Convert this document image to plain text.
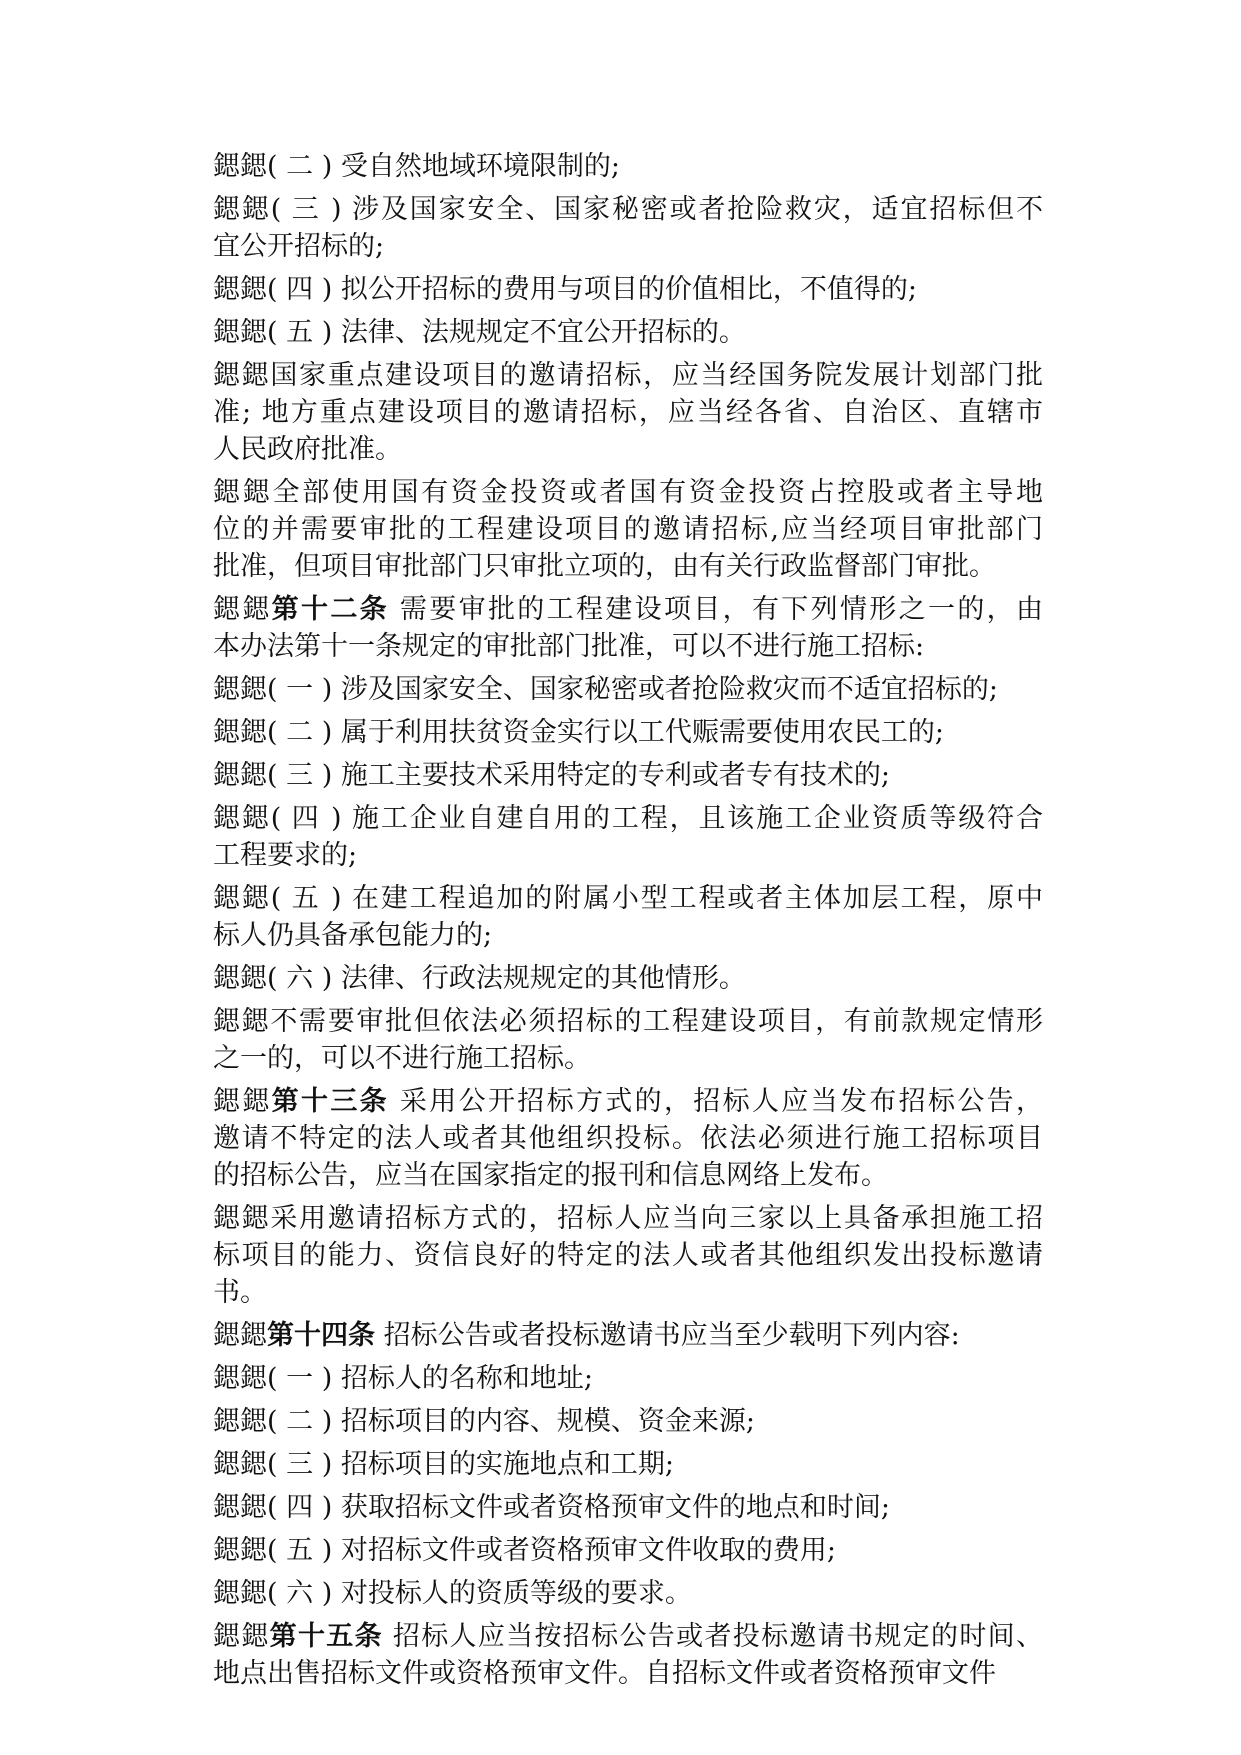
鍶鍶( 二 ) 受自然地域环境限制的;
鍶鍶( 三 ) 涉及国家安全、国家秘密或者抢险救灾，适宜招标但不
宜公开招标的;
鍶鍶( 四 ) 拟公开招标的费用与项目的价值相比，不值得的;
鍶鍶( 五 ) 法律、法规规定不宜公开招标的。
鍶鍶国家重点建设项目的邀请招标，应当经国务院发展计划部门批
准; 地方重点建设项目的邀请招标，应当经各省、自治区、直辖市
人民政府批准。
鍶鍶全部使用国有资金投资或者国有资金投资占控股或者主导地
位的并需要审批的工程建设项目的邀请招标,应当经项目审批部门
批准，但项目审批部门只审批立项的，由有关行政监督部门审批。
鍶鍶第十二条 需要审批的工程建设项目，有下列情形之一的，由
本办法第十一条规定的审批部门批准，可以不进行施工招标:
鍶鍶( 一 ) 涉及国家安全、国家秘密或者抢险救灾而不适宜招标的;
鍶鍶( 二 ) 属于利用扶贫资金实行以工代赈需要使用农民工的;
鍶鍶( 三 ) 施工主要技术采用特定的专利或者专有技术的;
鍶鍶( 四 ) 施工企业自建自用的工程，且该施工企业资质等级符合
工程要求的;
鍶鍶( 五 ) 在建工程追加的附属小型工程或者主体加层工程，原中
标人仍具备承包能力的;
鍶鍶( 六 ) 法律、行政法规规定的其他情形。
鍶鍶不需要审批但依法必须招标的工程建设项目，有前款规定情形
之一的，可以不进行施工招标。
鍶鍶第十三条 采用公开招标方式的，招标人应当发布招标公告，
邀请不特定的法人或者其他组织投标。依法必须进行施工招标项目
的招标公告，应当在国家指定的报刊和信息网络上发布。
鍶鍶采用邀请招标方式的，招标人应当向三家以上具备承担施工招
标项目的能力、资信良好的特定的法人或者其他组织发出投标邀请
书。
鍶鍶第十四条 招标公告或者投标邀请书应当至少载明下列内容:
鍶鍶( 一 ) 招标人的名称和地址;
鍶鍶( 二 ) 招标项目的内容、规模、资金来源;
鍶鍶( 三 ) 招标项目的实施地点和工期;
鍶鍶( 四 ) 获取招标文件或者资格预审文件的地点和时间;
鍶鍶( 五 ) 对招标文件或者资格预审文件收取的费用;
鍶鍶( 六 ) 对投标人的资质等级的要求。
鍶鍶第十五条 招标人应当按招标公告或者投标邀请书规定的时间、
地点出售招标文件或资格预审文件。自招标文件或者资格预审文件
